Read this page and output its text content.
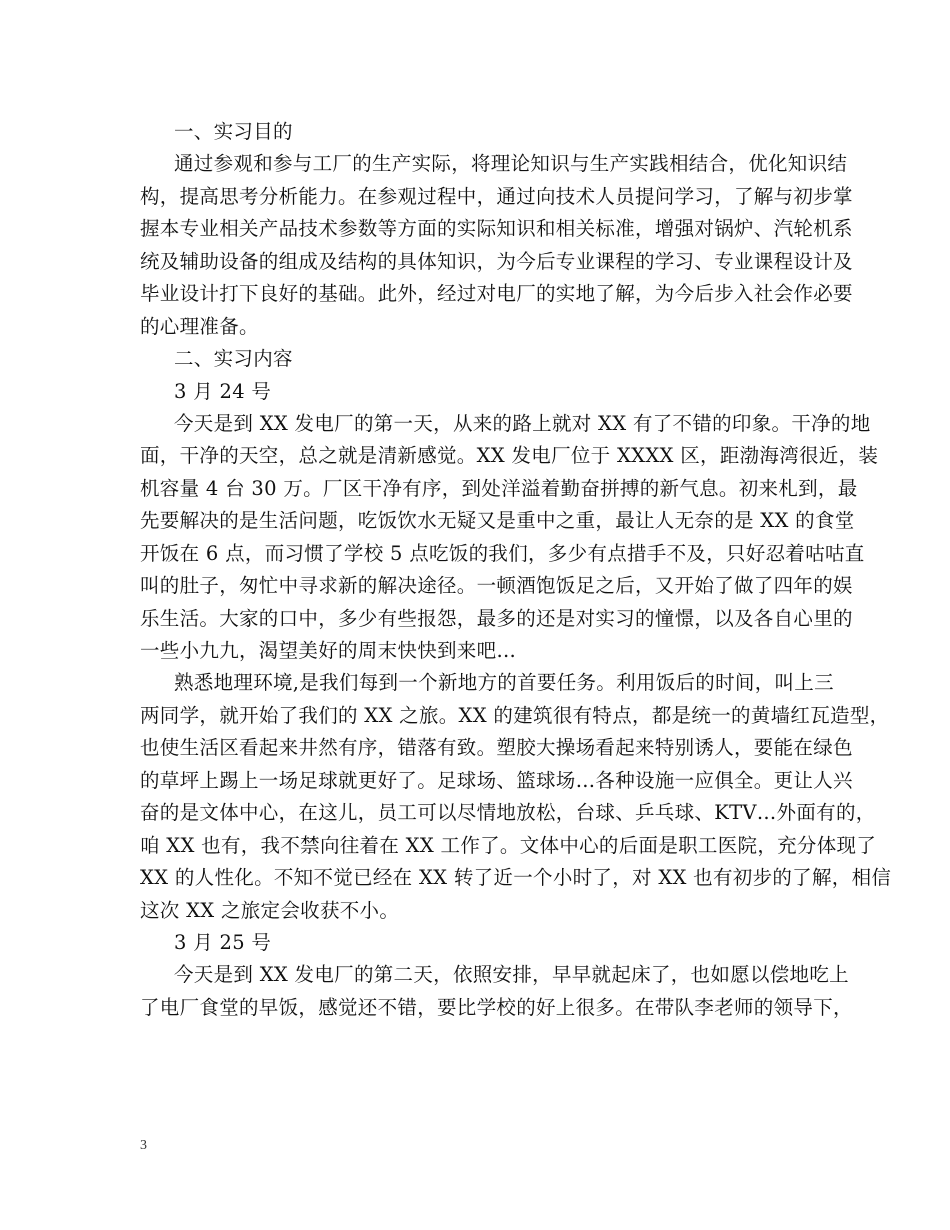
一、实习目的
通过参观和参与工厂的生产实际，将理论知识与生产实践相结合，优化知识结
构，提高思考分析能力。在参观过程中，通过向技术人员提问学习，了解与初步掌
握本专业相关产品技术参数等方面的实际知识和相关标准，增强对锅炉、汽轮机系
统及辅助设备的组成及结构的具体知识，为今后专业课程的学习、专业课程设计及
毕业设计打下良好的基础。此外，经过对电厂的实地了解，为今后步入社会作必要
的心理准备。
二、实习内容
3 月 24 号
今天是到 XX 发电厂的第一天，从来的路上就对 XX 有了不错的印象。干净的地
面，干净的天空，总之就是清新感觉。XX 发电厂位于 XXXX 区，距渤海湾很近，装
机容量 4 台 30 万。厂区干净有序，到处洋溢着勤奋拼搏的新气息。初来札到，最
先要解决的是生活问题，吃饭饮水无疑又是重中之重，最让人无奈的是 XX 的食堂
开饭在 6 点，而习惯了学校 5 点吃饭的我们，多少有点措手不及，只好忍着咕咕直
叫的肚子，匆忙中寻求新的解决途径。一顿酒饱饭足之后，又开始了做了四年的娱
乐生活。大家的口中，多少有些报怨，最多的还是对实习的憧憬，以及各自心里的
一些小九九，渴望美好的周末快快到来吧…
熟悉地理环境,是我们每到一个新地方的首要任务。利用饭后的时间，叫上三
两同学，就开始了我们的 XX 之旅。XX 的建筑很有特点，都是统一的黄墙红瓦造型，
也使生活区看起来井然有序，错落有致。塑胶大操场看起来特别诱人，要能在绿色
的草坪上踢上一场足球就更好了。足球场、篮球场…各种设施一应俱全。更让人兴
奋的是文体中心，在这儿，员工可以尽情地放松，台球、乒乓球、KTV…外面有的，
咱 XX 也有，我不禁向往着在 XX 工作了。文体中心的后面是职工医院，充分体现了
XX 的人性化。不知不觉已经在 XX 转了近一个小时了，对 XX 也有初步的了解，相信
这次 XX 之旅定会收获不小。
3 月 25 号
今天是到 XX 发电厂的第二天，依照安排，早早就起床了，也如愿以偿地吃上
了电厂食堂的早饭，感觉还不错，要比学校的好上很多。在带队李老师的领导下，
3
